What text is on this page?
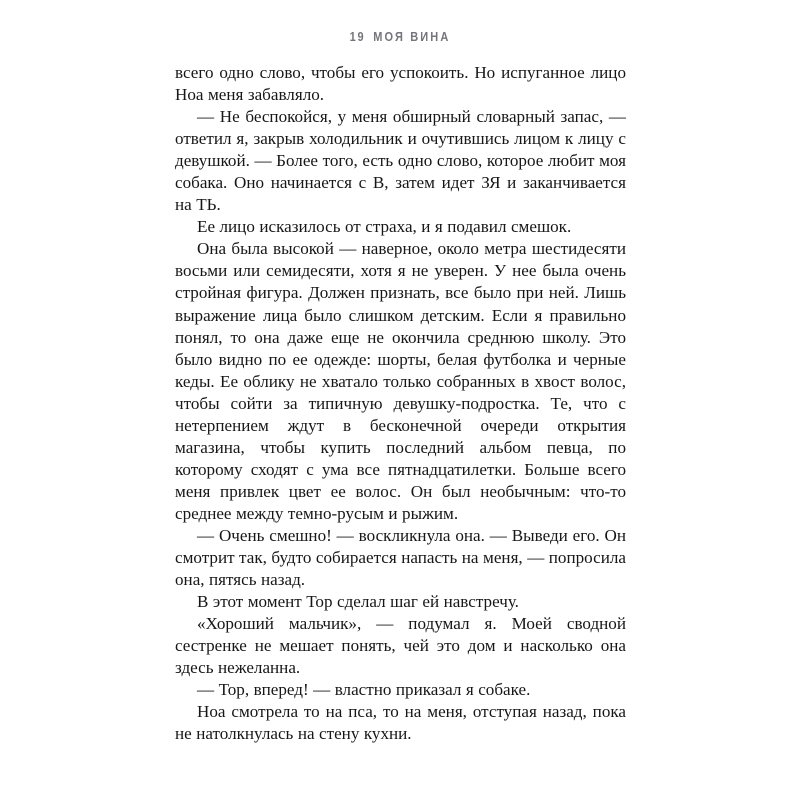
19 МОЯ ВИНА

всего одно слово, чтобы его успокоить. Но испуганное лицо Ноа меня забавляло.

— Не беспокойся, у меня обширный словарный запас, — ответил я, закрыв холодильник и очутившись лицом к лицу с девушкой. — Более того, есть одно слово, которое любит моя собака. Оно начинается с В, затем идет ЗЯ и заканчивается на ТЬ.

Ее лицо исказилось от страха, и я подавил смешок.

Она была высокой — наверное, около метра шестидесяти восьми или семидесяти, хотя я не уверен. У нее была очень стройная фигура. Должен признать, все было при ней. Лишь выражение лица было слишком детским. Если я правильно понял, то она даже еще не окончила среднюю школу. Это было видно по ее одежде: шорты, белая футболка и черные кеды. Ее облику не хватало только собранных в хвост волос, чтобы сойти за типичную девушку-подростка. Те, что с нетерпением ждут в бесконечной очереди открытия магазина, чтобы купить последний альбом певца, по которому сходят с ума все пятнадцатилетки. Больше всего меня привлек цвет ее волос. Он был необычным: что-то среднее между темно-русым и рыжим.

— Очень смешно! — воскликнула она. — Выведи его. Он смотрит так, будто собирается напасть на меня, — попросила она, пятясь назад.

В этот момент Тор сделал шаг ей навстречу.

«Хороший мальчик», — подумал я. Моей сводной сестренке не мешает понять, чей это дом и насколько она здесь нежеланна.

— Тор, вперед! — властно приказал я собаке.

Ноа смотрела то на пса, то на меня, отступая назад, пока не натолкнулась на стену кухни.
